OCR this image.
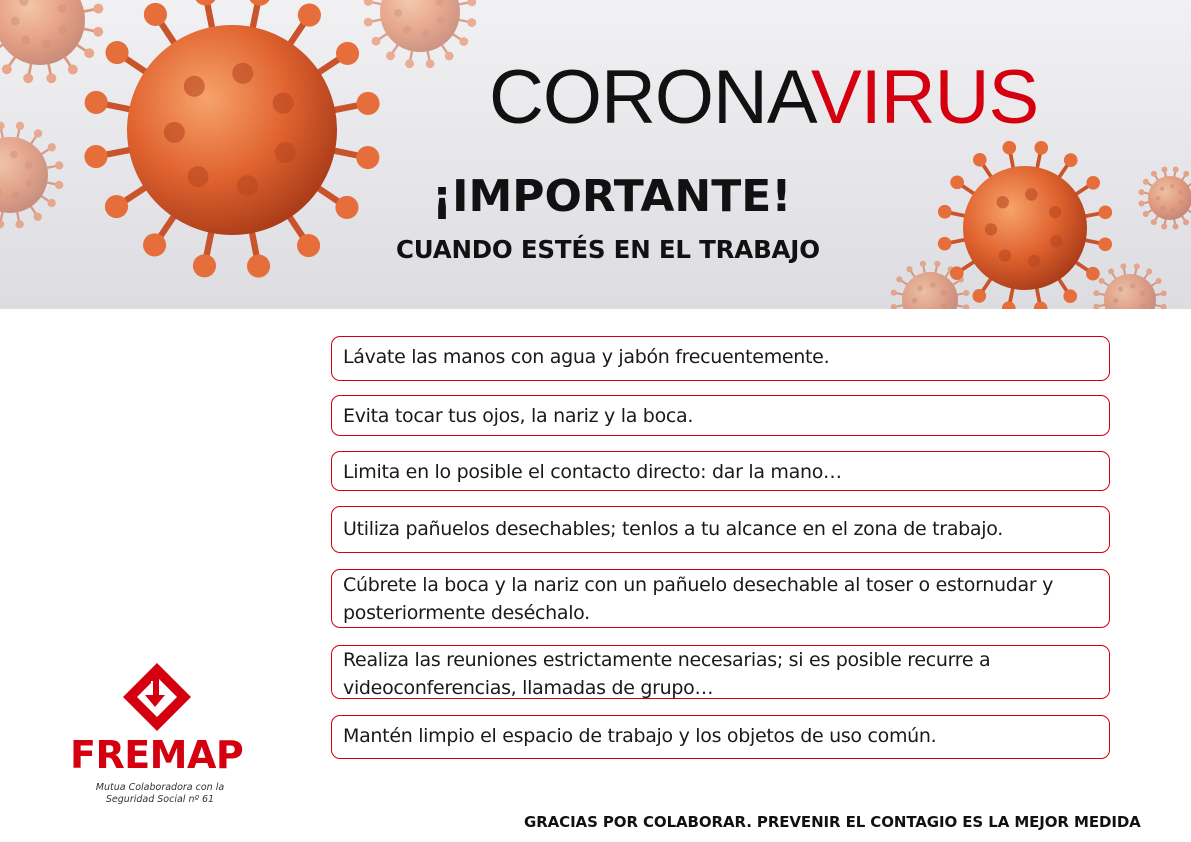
CORONAVIRUS
¡IMPORTANTE!
CUANDO ESTÉS EN EL TRABAJO
Lávate las manos con agua y jabón frecuentemente.
Evita tocar tus ojos, la nariz y la boca.
Limita en lo posible el contacto directo: dar la mano…
Utiliza pañuelos desechables; tenlos a tu alcance en el zona de trabajo.
Cúbrete la boca y la nariz con un pañuelo desechable al toser o estornudar y posteriormente deséchalo.
Realiza las reuniones estrictamente necesarias; si es posible recurre a videoconferencias, llamadas de grupo…
Mantén limpio el espacio de trabajo y los objetos de uso común.
FREMAP
Mutua Colaboradora con la Seguridad Social nº 61
GRACIAS POR COLABORAR. PREVENIR EL CONTAGIO ES LA MEJOR MEDIDA
